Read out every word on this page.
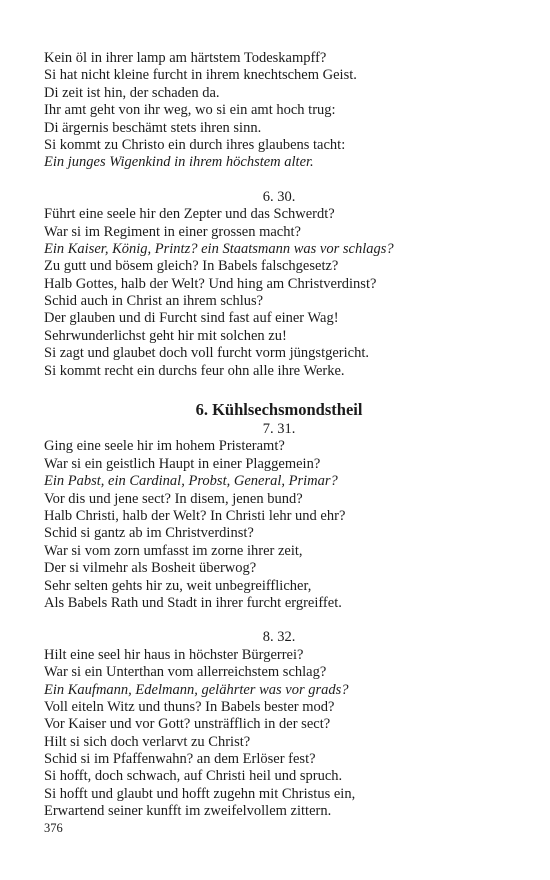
Kein öl in ihrer lamp am härtstem Todeskampff?
Si hat nicht kleine furcht in ihrem knechtschem Geist.
Di zeit ist hin, der schaden da.
Ihr amt geht von ihr weg, wo si ein amt hoch trug:
Di ärgernis beschämt stets ihren sinn.
Si kommt zu Christo ein durch ihres glaubens tacht:
Ein junges Wigenkind in ihrem höchstem alter.
6. 30.
Führt eine seele hir den Zepter und das Schwerdt?
War si im Regiment in einer grossen macht?
Ein Kaiser, König, Printz? ein Staatsmann was vor schlags?
Zu gutt und bösem gleich? In Babels falschgesetz?
Halb Gottes, halb der Welt? Und hing am Christverdinst?
Schid auch in Christ an ihrem schlus?
Der glauben und di Furcht sind fast auf einer Wag!
Sehrwunderlichst geht hir mit solchen zu!
Si zagt und glaubet doch voll furcht vorm jüngstgericht.
Si kommt recht ein durchs feur ohn alle ihre Werke.
6. Kühlsechsmondstheil
7. 31.
Ging eine seele hir im hohem Pristeramt?
War si ein geistlich Haupt in einer Plaggemein?
Ein Pabst, ein Cardinal, Probst, General, Primar?
Vor dis und jene sect? In disem, jenen bund?
Halb Christi, halb der Welt? In Christi lehr und ehr?
Schid si gantz ab im Christverdinst?
War si vom zorn umfasst im zorne ihrer zeit,
Der si vilmehr als Bosheit überwog?
Sehr selten gehts hir zu, weit unbegreifflicher,
Als Babels Rath und Stadt in ihrer furcht ergreiffet.
8. 32.
Hilt eine seel hir haus in höchster Bürgerrei?
War si ein Unterthan vom allerreichstem schlag?
Ein Kaufmann, Edelmann, gelährter was vor grads?
Voll eiteln Witz und thuns? In Babels bester mod?
Vor Kaiser und vor Gott? unsträfflich in der sect?
Hilt si sich doch verlarvt zu Christ?
Schid si im Pfaffenwahn? an dem Erlöser fest?
Si hofft, doch schwach, auf Christi heil und spruch.
Si hofft und glaubt und hofft zugehn mit Christus ein,
Erwartend seiner kunfft im zweifelvollem zittern.
376
